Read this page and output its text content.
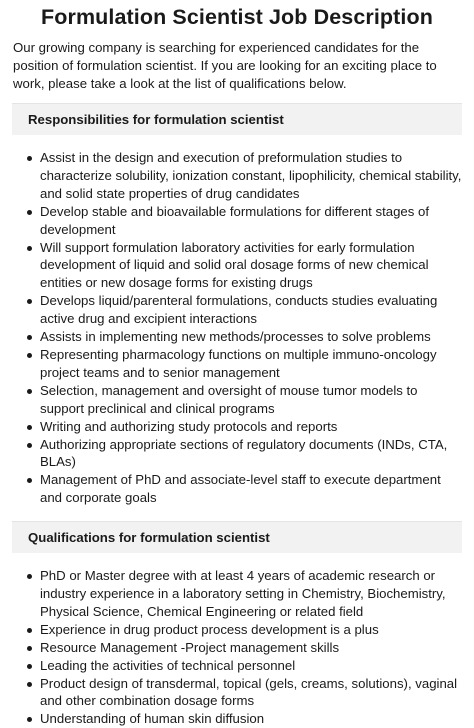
Formulation Scientist Job Description

Our growing company is searching for experienced candidates for the position of formulation scientist. If you are looking for an exciting place to work, please take a look at the list of qualifications below.

Responsibilities for formulation scientist
Assist in the design and execution of preformulation studies to characterize solubility, ionization constant, lipophilicity, chemical stability, and solid state properties of drug candidates
Develop stable and bioavailable formulations for different stages of development
Will support formulation laboratory activities for early formulation development of liquid and solid oral dosage forms of new chemical entities or new dosage forms for existing drugs
Develops liquid/parenteral formulations, conducts studies evaluating active drug and excipient interactions
Assists in implementing new methods/processes to solve problems
Representing pharmacology functions on multiple immuno-oncology project teams and to senior management
Selection, management and oversight of mouse tumor models to support preclinical and clinical programs
Writing and authorizing study protocols and reports
Authorizing appropriate sections of regulatory documents (INDs, CTA, BLAs)
Management of PhD and associate-level staff to execute department and corporate goals
Qualifications for formulation scientist
PhD or Master degree with at least 4 years of academic research or industry experience in a laboratory setting in Chemistry, Biochemistry, Physical Science, Chemical Engineering or related field
Experience in drug product process development is a plus
Resource Management -Project management skills
Leading the activities of technical personnel
Product design of transdermal, topical (gels, creams, solutions), vaginal and other combination dosage forms
Understanding of human skin diffusion
